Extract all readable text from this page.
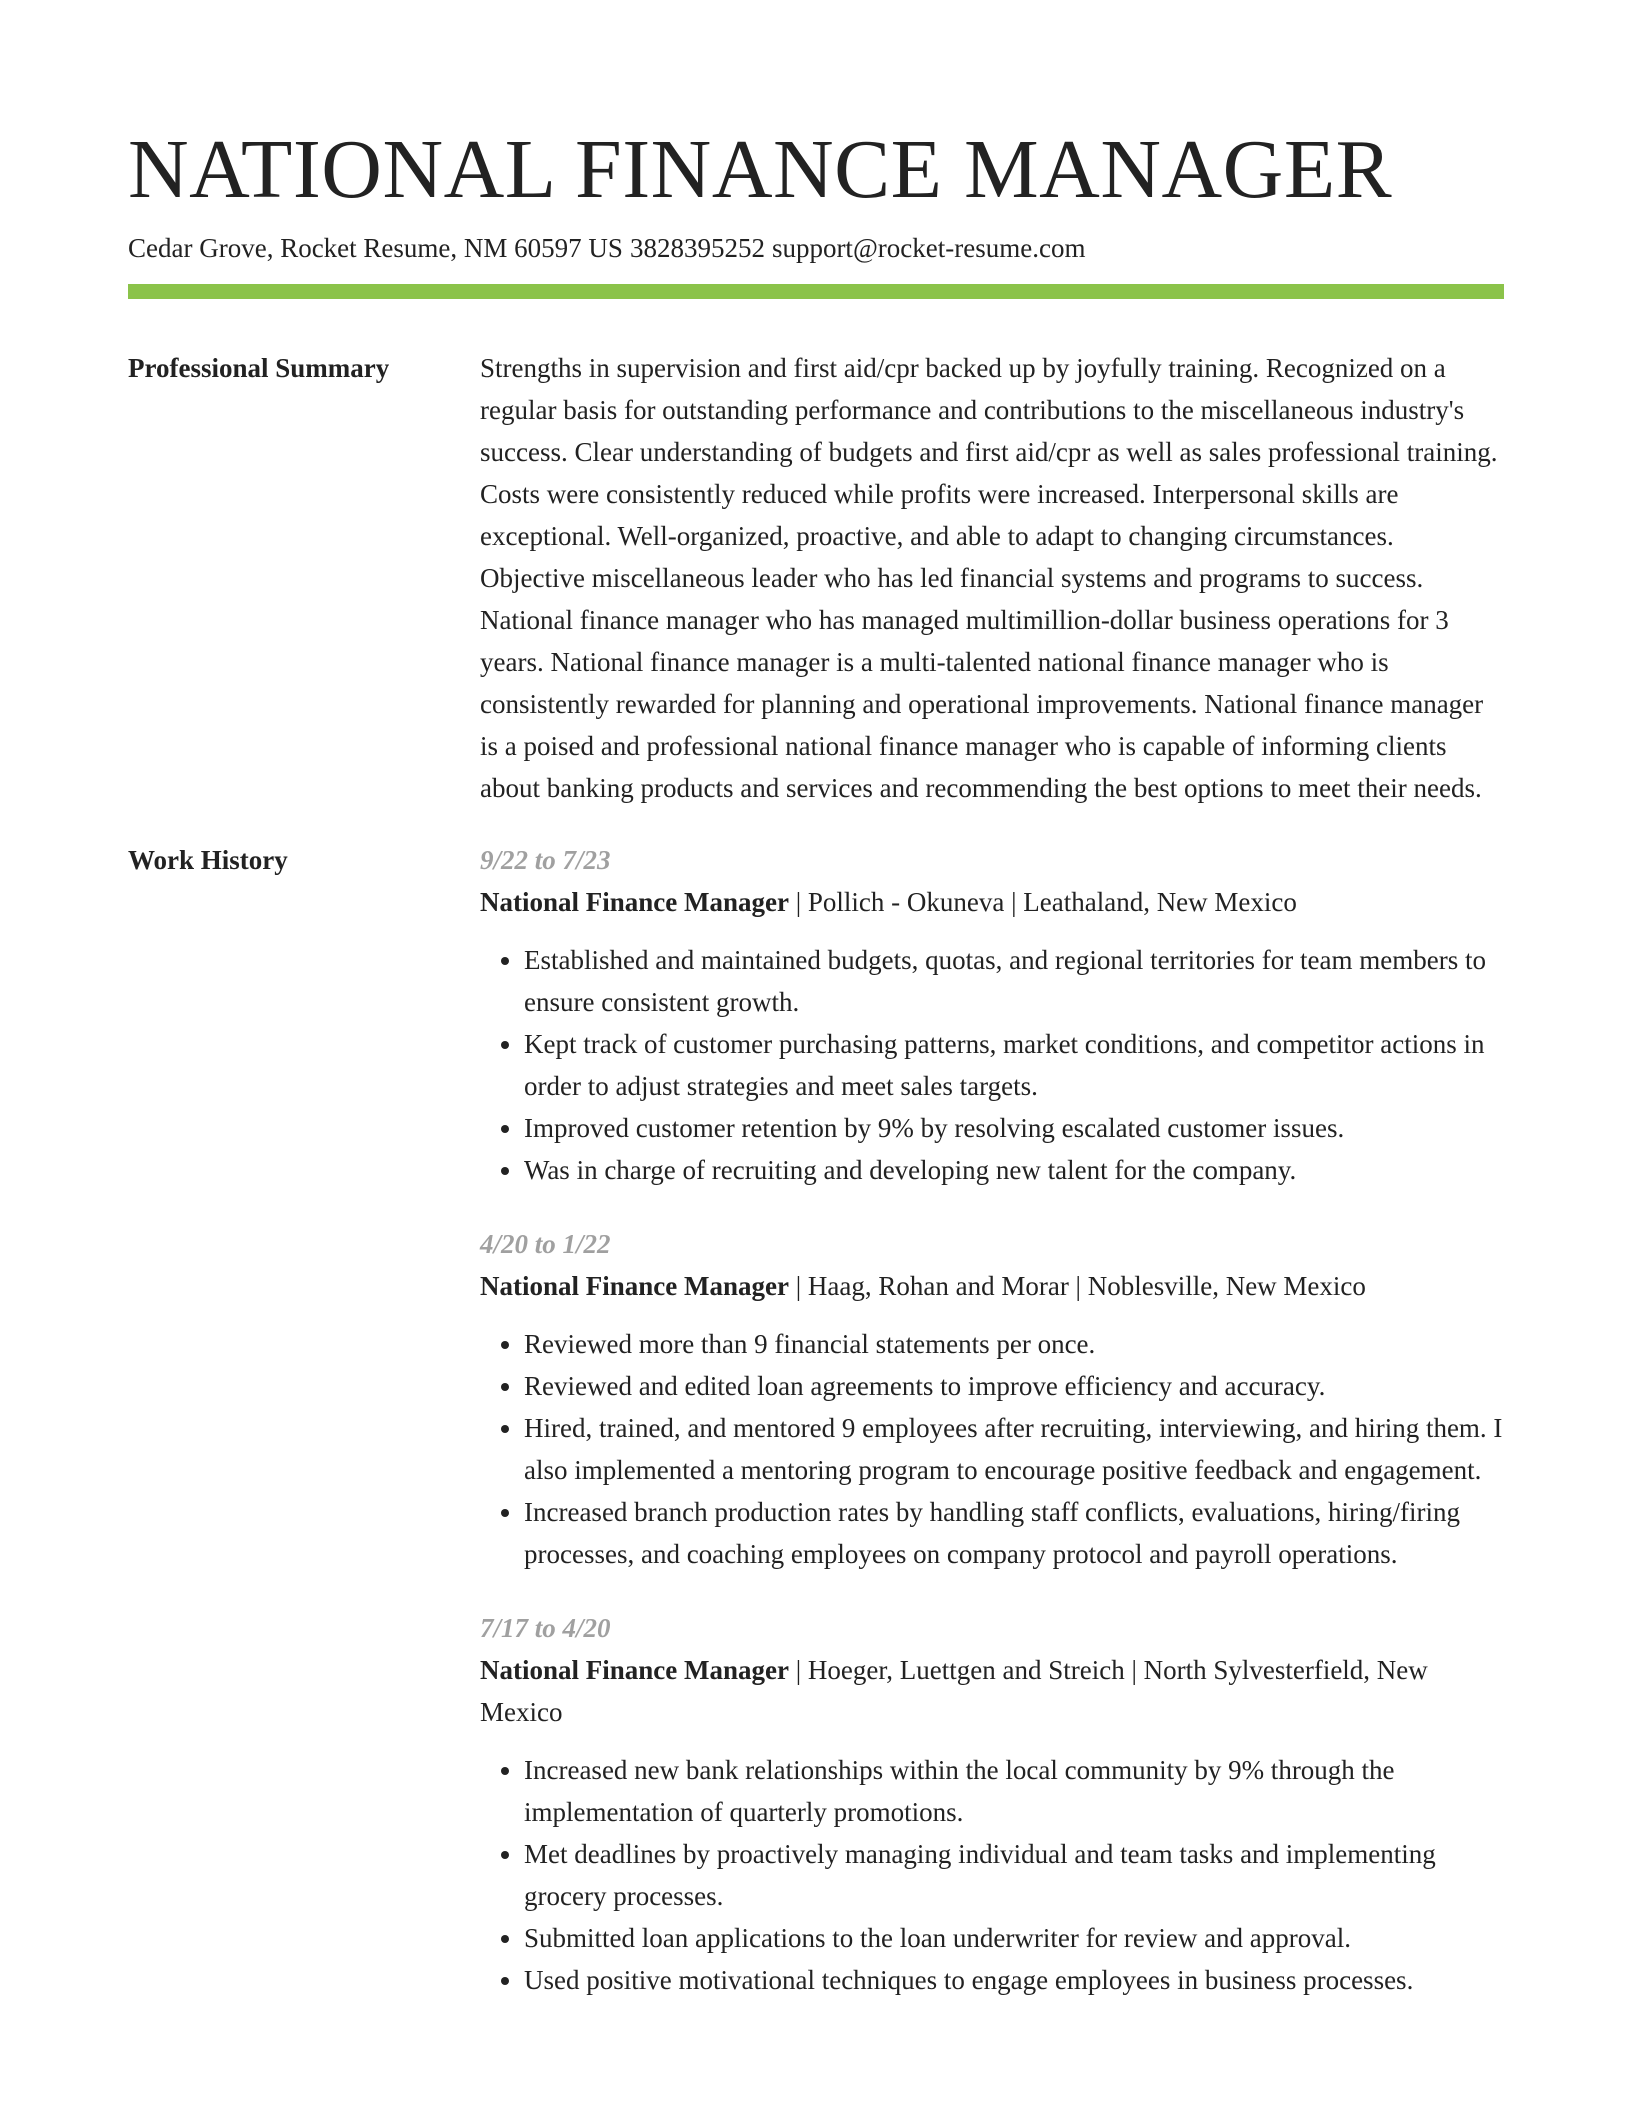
NATIONAL FINANCE MANAGER
Cedar Grove, Rocket Resume, NM 60597 US 3828395252 support@rocket-resume.com
Professional Summary	Strengths in supervision and first aid/cpr backed up by joyfully training. Recognized on a regular basis for outstanding performance and contributions to the miscellaneous industry's success. Clear understanding of budgets and first aid/cpr as well as sales professional training. Costs were consistently reduced while profits were increased. Interpersonal skills are exceptional. Well-organized, proactive, and able to adapt to changing circumstances. Objective miscellaneous leader who has led financial systems and programs to success. National finance manager who has managed multimillion-dollar business operations for 3 years. National finance manager is a multi-talented national finance manager who is consistently rewarded for planning and operational improvements. National finance manager is a poised and professional national finance manager who is capable of informing clients about banking products and services and recommending the best options to meet their needs.

Work History	9/22 to 7/23

National Finance Manager | Pollich - Okuneva | Leathaland, New Mexico

• Established and maintained budgets, quotas, and regional territories for team members to ensure consistent growth.
• Kept track of customer purchasing patterns, market conditions, and competitor actions in order to adjust strategies and meet sales targets.
• Improved customer retention by 9% by resolving escalated customer issues.
• Was in charge of recruiting and developing new talent for the company.
4/20 to 1/22

National Finance Manager | Haag, Rohan and Morar | Noblesville, New Mexico

• Reviewed more than 9 financial statements per once.
• Reviewed and edited loan agreements to improve efficiency and accuracy.
• Hired, trained, and mentored 9 employees after recruiting, interviewing, and hiring them. I also implemented a mentoring program to encourage positive feedback and engagement.
• Increased branch production rates by handling staff conflicts, evaluations, hiring/firing processes, and coaching employees on company protocol and payroll operations.
7/17 to 4/20

National Finance Manager | Hoeger, Luettgen and Streich | North Sylvesterfield, New Mexico

• Increased new bank relationships within the local community by 9% through the implementation of quarterly promotions.
• Met deadlines by proactively managing individual and team tasks and implementing grocery processes.
• Submitted loan applications to the loan underwriter for review and approval.
• Used positive motivational techniques to engage employees in business processes.
